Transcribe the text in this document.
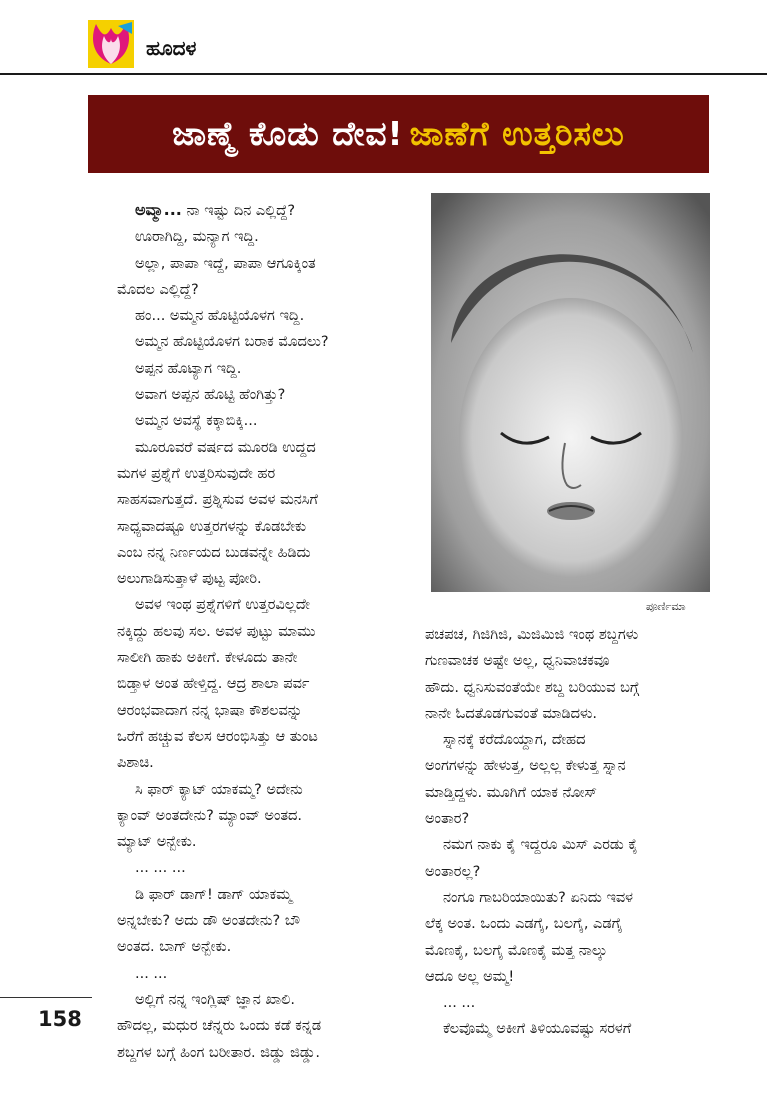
ಹೂದಳ
ಜಾಣ್ಮೆ ಕೊಡು ದೇವ! ಜಾಣೆಗೆ ಉತ್ತರಿಸಲು

ಅವ್ಮಾ... ನಾ ಇಷ್ಟು ದಿನ ಎಲ್ಲಿದ್ದೆ?

ಊರಾಗಿದ್ದಿ, ಮನ್ಯಾಗ ಇದ್ದಿ.

ಅಲ್ಲಾ, ಪಾಪಾ ಇದ್ದೆ, ಪಾಪಾ ಆಗೂಕ್ಕಿಂತ

ಮೊದಲ ಎಲ್ಲಿದ್ದೆ?

ಹಂ... ಅಮ್ಮನ ಹೊಟ್ಟಿಯೊಳಗ ಇದ್ದಿ.

ಅಮ್ಮನ ಹೊಟ್ಟಿಯೊಳಗ ಬರಾಕ ಮೊದಲು?

ಅಪ್ಪನ ಹೊಟ್ಯಾಗ ಇದ್ದಿ.

ಅವಾಗ ಅಪ್ಪನ ಹೊಟ್ಟಿ ಹೆಂಗಿತ್ತು?

ಅಮ್ಮನ ಅವಸ್ಥೆ ಕಕ್ಕಾಬಿಕ್ಕಿ...

ಮೂರೂವರೆ ವರ್ಷದ ಮೂರಡಿ ಉದ್ದದ

ಮಗಳ ಪ್ರಶ್ನೆಗೆ ಉತ್ತರಿಸುವುದೇ ಹರ

ಸಾಹಸವಾಗುತ್ತದೆ. ಪ್ರಶ್ನಿಸುವ ಅವಳ ಮನಸಿಗೆ

ಸಾಧ್ಯವಾದಷ್ಟೂ ಉತ್ತರಗಳನ್ನು ಕೊಡಬೇಕು

ಎಂಬ ನನ್ನ ನಿರ್ಣಯದ ಬುಡವನ್ನೇ ಹಿಡಿದು

ಅಲುಗಾಡಿಸುತ್ತಾಳೆ ಪುಟ್ಟ ಪೋರಿ.

ಅವಳ ಇಂಥ ಪ್ರಶ್ನೆಗಳಿಗೆ ಉತ್ತರವಿಲ್ಲದೇ

ನಕ್ಕಿದ್ದು ಹಲವು ಸಲ. ಅವಳ ಪುಟ್ಟು ಮಾಮು

ಸಾಲೀಗಿ ಹಾಕು ಅಕೀಗೆ. ಕೇಳೂದು ತಾನೇ

ಬಿಡ್ತಾಳ ಅಂತ ಹೇಳ್ತಿದ್ದ. ಆದ್ರ ಶಾಲಾ ಪರ್ವ

ಆರಂಭವಾದಾಗ ನನ್ನ ಭಾಷಾ ಕೌಶಲವನ್ನು

ಒರೆಗೆ ಹಚ್ಚುವ ಕೆಲಸ ಆರಂಭಿಸಿತ್ತು ಆ ತುಂಟ

ಪಿಶಾಚಿ.

ಸಿ ಫಾರ್ ಕ್ಯಾಟ್ ಯಾಕಮ್ಮ? ಅದೇನು

ಕ್ಯಾಂವ್ ಅಂತದೇನು? ಮ್ಯಾಂವ್ ಅಂತದ.

ಮ್ಯಾಟ್ ಅನ್ಬೇಕು.

... ... ...

ಡಿ ಫಾರ್ ಡಾಗ್! ಡಾಗ್ ಯಾಕಮ್ಮ

ಅನ್ನಬೇಕು? ಅದು ಡೌ ಅಂತದೇನು? ಬೌ

ಅಂತದ. ಬಾಗ್ ಅನ್ಬೇಕು.

... ...

ಅಲ್ಲಿಗೆ ನನ್ನ ಇಂಗ್ಲಿಷ್ ಜ್ಞಾನ ಖಾಲಿ.

ಹೌದಲ್ಲ, ಮಧುರ ಚೆನ್ನರು ಒಂದು ಕಡೆ ಕನ್ನಡ

ಶಬ್ದಗಳ ಬಗ್ಗೆ ಹಿಂಗ ಬರೀತಾರ. ಜಿಡ್ಡು ಜಿಡ್ಡು.

ಪೂರ್ಣಿಮಾ

ಪಚಪಚ, ಗಿಜಿಗಿಜಿ, ಮಿಜಿಮಿಜಿ ಇಂಥ ಶಬ್ದಗಳು

ಗುಣವಾಚಕ ಅಷ್ಟೇ ಅಲ್ಲ, ಧ್ವನಿವಾಚಕವೂ

ಹೌದು. ಧ್ವನಿಸುವಂತೆಯೇ ಶಬ್ದ ಬರಿಯುವ ಬಗ್ಗೆ

ನಾನೇ ಓದತೊಡಗುವಂತೆ ಮಾಡಿದಳು.

ಸ್ನಾನಕ್ಕೆ ಕರೆದೊಯ್ದಾಗ, ದೇಹದ

ಅಂಗಗಳನ್ನು ಹೇಳುತ್ತ, ಅಲ್ಲಲ್ಲ ಕೇಳುತ್ತ ಸ್ನಾನ

ಮಾಡ್ತಿದ್ದಳು. ಮೂಗಿಗೆ ಯಾಕ ನೋಸ್

ಅಂತಾರ?

ನಮಗ ನಾಕು ಕೈ ಇದ್ದರೂ ಮಿಸ್ ಎರಡು ಕೈ

ಅಂತಾರಲ್ಲ?

ನಂಗೂ ಗಾಬರಿಯಾಯಿತು? ಏನಿದು ಇವಳ

ಲೆಕ್ಕ ಅಂತ. ಒಂದು ಎಡಗೈ, ಬಲಗೈ, ಎಡಗೈ

ಮೊಣಕೈ, ಬಲಗೈ ಮೊಣಕೈ ಮತ್ತ ನಾಲ್ಕು

ಆದೂ ಅಲ್ಲ ಅಮ್ಮ!

... ...

ಕೆಲವೊಮ್ಮೆ ಅಕೀಗೆ ತಿಳಿಯೂವಷ್ಟು ಸರಳಗೆ

158
